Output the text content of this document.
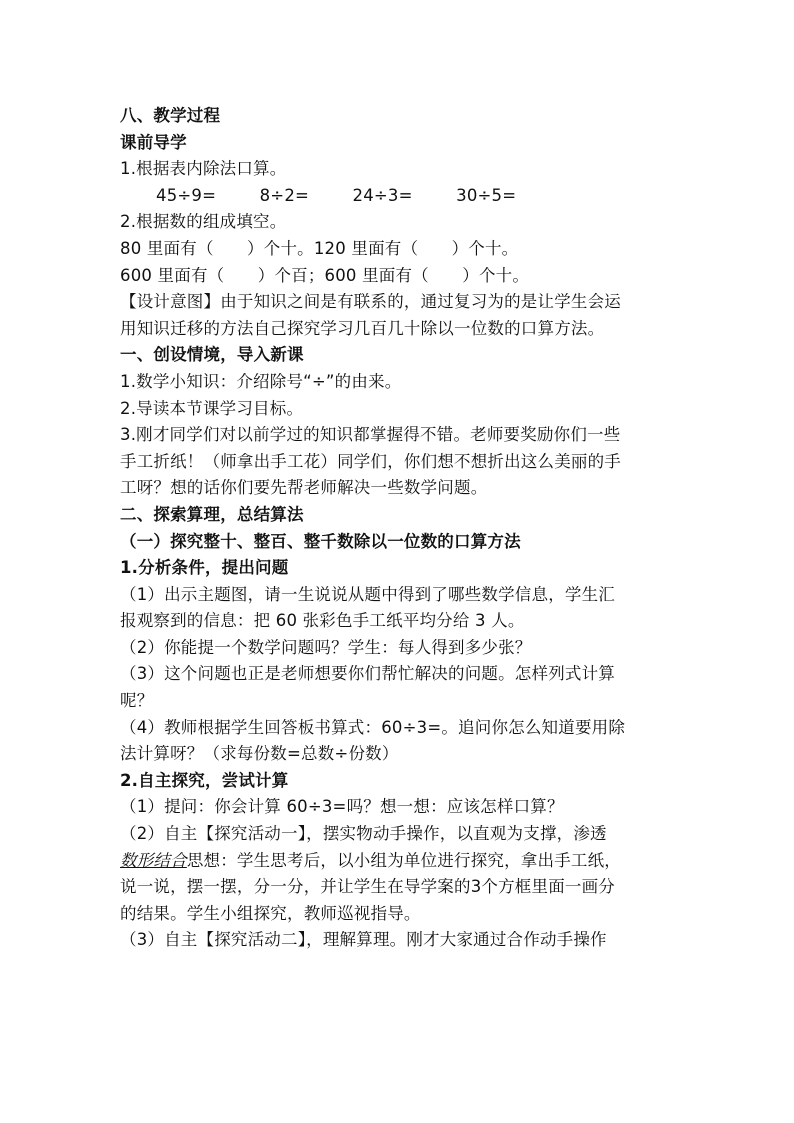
八、教学过程
课前导学
1.根据表内除法口算。
45÷9=	8÷2=	24÷3=	30÷5=
2.根据数的组成填空。
80 里面有（　　）个十。120 里面有（　　）个十。
600 里面有（　　）个百；600 里面有（　　）个十。
【设计意图】由于知识之间是有联系的，通过复习为的是让学生会运
用知识迁移的方法自己探究学习几百几十除以一位数的口算方法。
一、创设情境，导入新课
1.数学小知识：介绍除号“÷”的由来。
2.导读本节课学习目标。
3.刚才同学们对以前学过的知识都掌握得不错。老师要奖励你们一些
手工折纸！（师拿出手工花）同学们，你们想不想折出这么美丽的手
工呀？想的话你们要先帮老师解决一些数学问题。
二、探索算理，总结算法
（一）探究整十、整百、整千数除以一位数的口算方法
1.分析条件，提出问题
（1）出示主题图，请一生说说从题中得到了哪些数学信息，学生汇
报观察到的信息：把 60 张彩色手工纸平均分给 3 人。
（2）你能提一个数学问题吗？学生：每人得到多少张？
（3）这个问题也正是老师想要你们帮忙解决的问题。怎样列式计算
呢？
（4）教师根据学生回答板书算式：60÷3=。追问你怎么知道要用除
法计算呀？（求每份数=总数÷份数）
2.自主探究，尝试计算
（1）提问：你会计算 60÷3=吗？想一想：应该怎样口算？
（2）自主【探究活动一】，摆实物动手操作，以直观为支撑，渗透
数形结合思想：学生思考后，以小组为单位进行探究，拿出手工纸，
说一说，摆一摆，分一分，并让学生在导学案的3个方框里面一画分
的结果。学生小组探究，教师巡视指导。
（3）自主【探究活动二】，理解算理。刚才大家通过合作动手操作
